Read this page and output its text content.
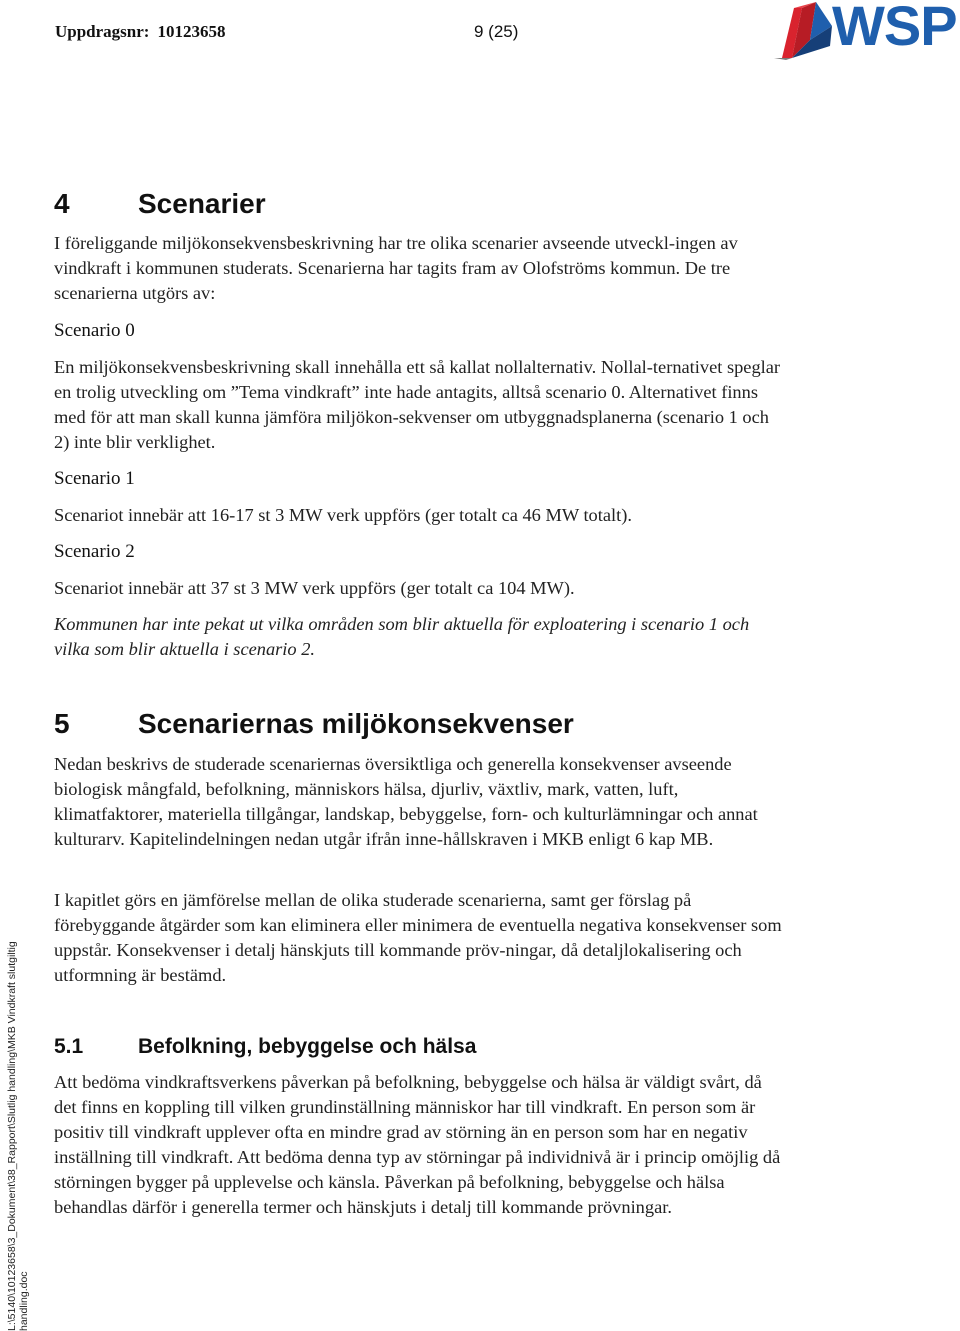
Uppdragsnr: 10123658	9 (25)	WSP
4 Scenarier

I föreliggande miljökonsekvensbeskrivning har tre olika scenarier avseende utveckl-ingen av vindkraft i kommunen studerats. Scenarierna har tagits fram av Olofströms kommun. De tre scenarierna utgörs av:

Scenario 0

En miljökonsekvensbeskrivning skall innehålla ett så kallat nollalternativ. Nollal-ternativet speglar en trolig utveckling om ”Tema vindkraft” inte hade antagits, alltså scenario 0. Alternativet finns med för att man skall kunna jämföra miljökon-sekvenser om utbyggnadsplanerna (scenario 1 och 2) inte blir verklighet.

Scenario 1

Scenariot innebär att 16-17 st 3 MW verk uppförs (ger totalt ca 46 MW totalt).

Scenario 2

Scenariot innebär att 37 st 3 MW verk uppförs (ger totalt ca 104 MW).

Kommunen har inte pekat ut vilka områden som blir aktuella för exploatering i scenario 1 och vilka som blir aktuella i scenario 2.

5 Scenariernas miljökonsekvenser

Nedan beskrivs de studerade scenariernas översiktliga och generella konsekvenser avseende biologisk mångfald, befolkning, människors hälsa, djurliv, växtliv, mark, vatten, luft, klimatfaktorer, materiella tillgångar, landskap, bebyggelse, forn- och kulturlämningar och annat kulturarv. Kapitelindelningen nedan utgår ifrån inne-hållskraven i MKB enligt 6 kap MB.

I kapitlet görs en jämförelse mellan de olika studerade scenarierna, samt ger förslag på förebyggande åtgärder som kan eliminera eller minimera de eventuella negativa konsekvenser som uppstår. Konsekvenser i detalj hänskjuts till kommande pröv-ningar, då detaljlokalisering och utformning är bestämd.

5.1	Befolkning, bebyggelse och hälsa

Att bedöma vindkraftsverkens påverkan på befolkning, bebyggelse och hälsa är väldigt svårt, då det finns en koppling till vilken grundinställning människor har till vindkraft. En person som är positiv till vindkraft upplever ofta en mindre grad av störning än en person som har en negativ inställning till vindkraft. Att bedöma denna typ av störningar på individnivå är i princip omöjlig då störningen bygger på upplevelse och känsla. Påverkan på befolkning, bebyggelse och hälsa behandlas därför i generella termer och hänskjuts i detalj till kommande prövningar.

L:\5140\10123658\3_Dokument\38_Rapport\Slutlig handling\MKB Vindkraft slutgiltig handling.doc
